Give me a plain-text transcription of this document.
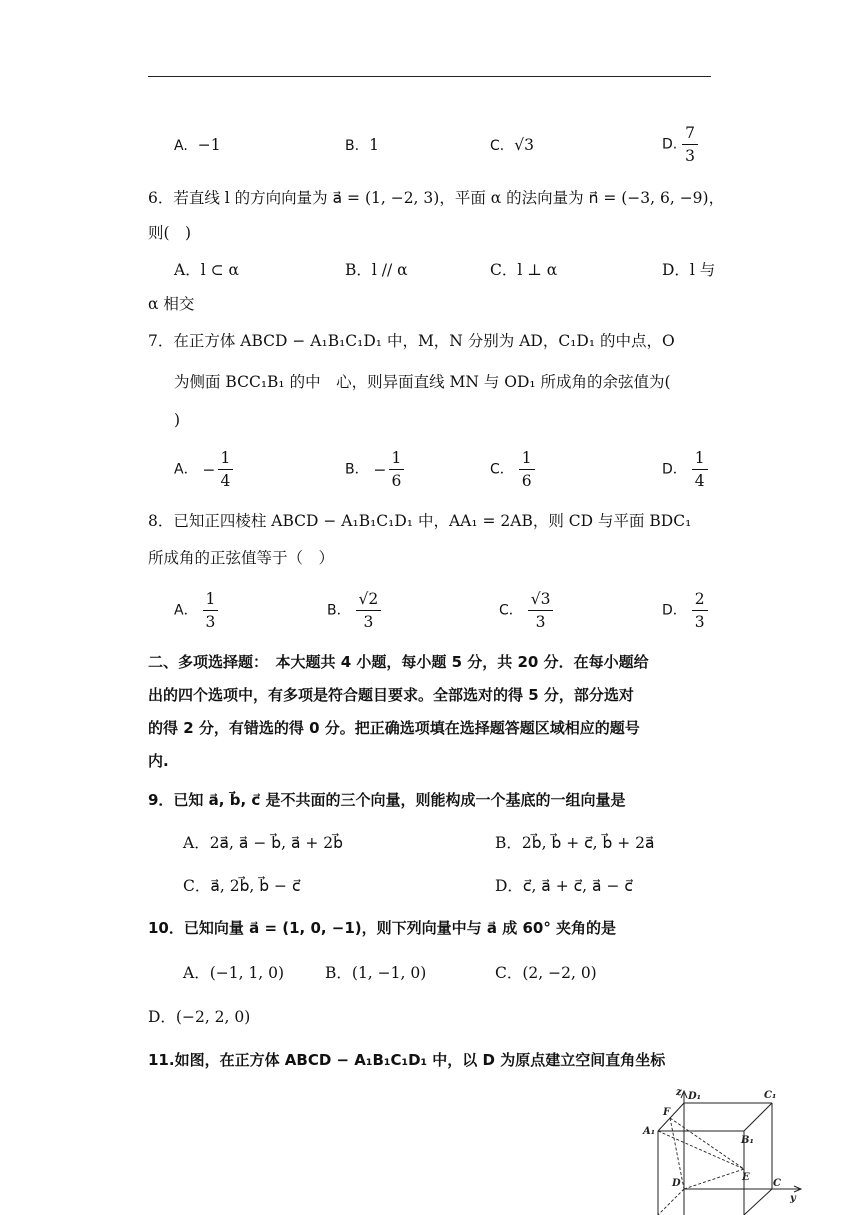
A. −1	B. 1	C. √3	D. $\frac{7}{3}$
6．若直线 l 的方向向量为 a⃗ = (1, −2, 3)，平面 α 的法向量为 n⃗ = (−3, 6, −9)，
则(　)
A．l ⊂ α	B．l // α	C．l ⊥ α	D．l 与
α 相交
7．在正方体 ABCD − A₁B₁C₁D₁ 中，M，N 分别为 AD，C₁D₁ 的中点，O
为侧面 BCC₁B₁ 的中　心，则异面直线 MN 与 OD₁ 所成角的余弦值为(
)
A． − $\frac{1}{4}$	B． − $\frac{1}{6}$	C． $\frac{1}{6}$	D． $\frac{1}{4}$
8．已知正四棱柱 ABCD − A₁B₁C₁D₁ 中，AA₁ = 2AB，则 CD 与平面 BDC₁
所成角的正弦值等于（　）
A． $\frac{1}{3}$	B． $\frac{√2}{3}$	C． $\frac{√3}{3}$	D． $\frac{2}{3}$
二、多项选择题：　本大题共 4 小题，每小题 5 分，共 20 分．在每小题给
出的四个选项中，有多项是符合题目要求。全部选对的得 5 分，部分选对
的得 2 分，有错选的得 0 分。把正确选项填在选择题答题区域相应的题号
内.
9．已知 a⃗, b⃗, c⃗ 是不共面的三个向量，则能构成一个基底的一组向量是
A．2a⃗, a⃗ − b⃗, a⃗ + 2b⃗	B．2b⃗, b⃗ + c⃗, b⃗ + 2a⃗
C．a⃗, 2b⃗, b⃗ − c⃗	D．c⃗, a⃗ + c⃗, a⃗ − c⃗
10．已知向量 a⃗ = (1, 0, −1)，则下列向量中与 a⃗ 成 60° 夹角的是
A．(−1, 1, 0)	B．(1, −1, 0)	C．(2, −2, 0)
D．(−2, 2, 0)
11.如图，在正方体 ABCD − A₁B₁C₁D₁ 中，以 D 为原点建立空间直角坐标
z D₁	C₁
F
A₁
B₁
E
D	C
y
